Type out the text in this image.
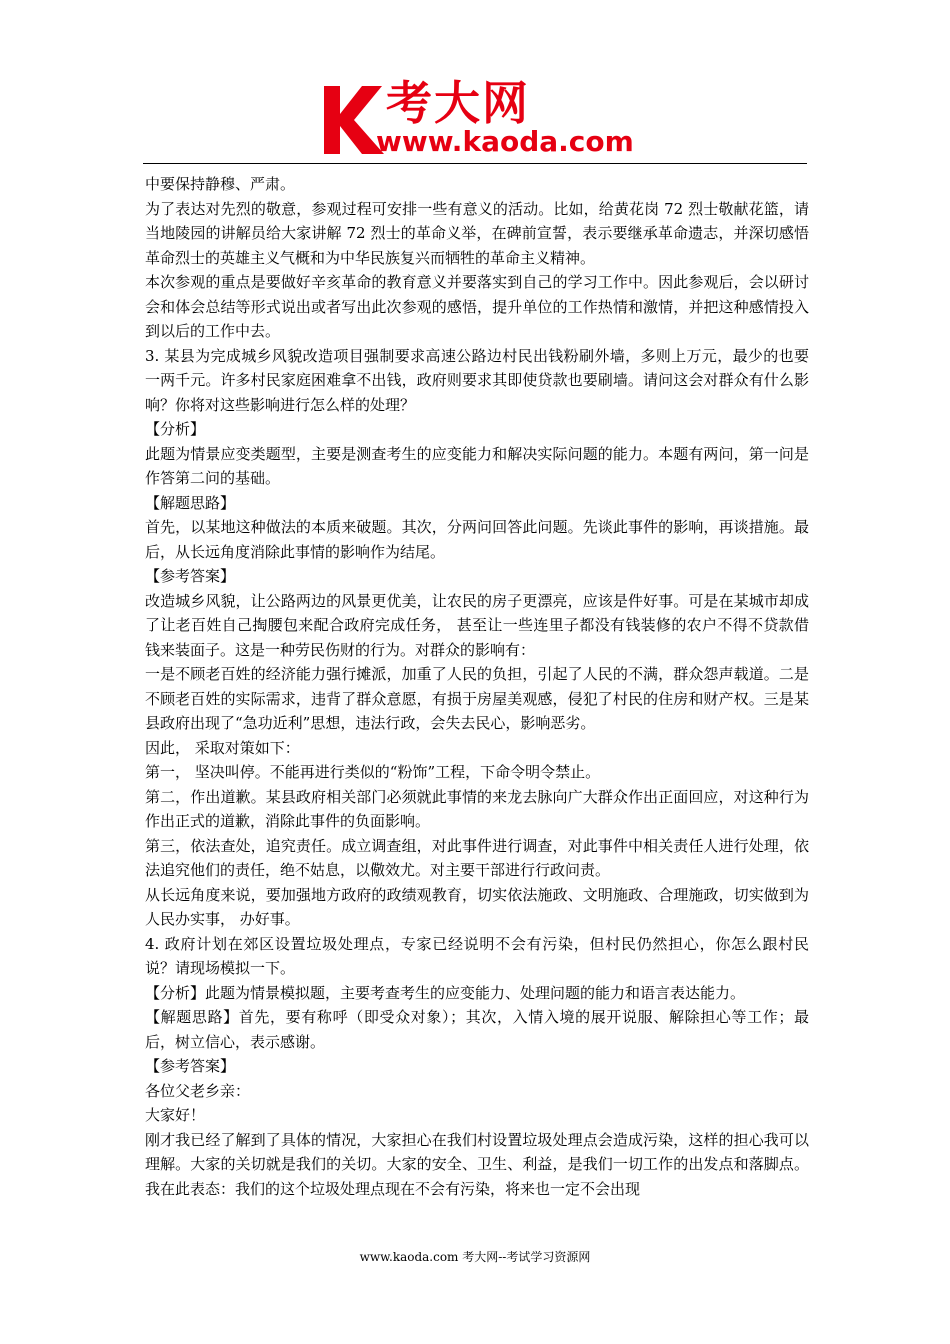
考大网
www.kaoda.com

中要保持静穆、严肃。

为了表达对先烈的敬意，参观过程可安排一些有意义的活动。比如，给黄花岗 72 烈士敬献花篮，请当地陵园的讲解员给大家讲解 72 烈士的革命义举，在碑前宣誓，表示要继承革命遗志，并深切感悟革命烈士的英雄主义气概和为中华民族复兴而牺牲的革命主义精神。

本次参观的重点是要做好辛亥革命的教育意义并要落实到自己的学习工作中。因此参观后，会以研讨会和体会总结等形式说出或者写出此次参观的感悟，提升单位的工作热情和激情，并把这种感情投入到以后的工作中去。

3. 某县为完成城乡风貌改造项目强制要求高速公路边村民出钱粉刷外墙，多则上万元，最少的也要一两千元。许多村民家庭困难拿不出钱，政府则要求其即使贷款也要刷墙。请问这会对群众有什么影响？你将对这些影响进行怎么样的处理？

【分析】

此题为情景应变类题型，主要是测查考生的应变能力和解决实际问题的能力。本题有两问，第一问是作答第二问的基础。

【解题思路】

首先，以某地这种做法的本质来破题。其次，分两问回答此问题。先谈此事件的影响，再谈措施。最后，从长远角度消除此事情的影响作为结尾。

【参考答案】

改造城乡风貌，让公路两边的风景更优美，让农民的房子更漂亮，应该是件好事。可是在某城市却成了让老百姓自己掏腰包来配合政府完成任务， 甚至让一些连里子都没有钱装修的农户不得不贷款借钱来装面子。这是一种劳民伤财的行为。对群众的影响有：

一是不顾老百姓的经济能力强行摊派，加重了人民的负担，引起了人民的不满，群众怨声载道。二是不顾老百姓的实际需求，违背了群众意愿，有损于房屋美观感，侵犯了村民的住房和财产权。三是某县政府出现了“急功近利”思想，违法行政，会失去民心，影响恶劣。

因此， 采取对策如下：

第一， 坚决叫停。不能再进行类似的“粉饰”工程，下命令明令禁止。

第二，作出道歉。某县政府相关部门必须就此事情的来龙去脉向广大群众作出正面回应，对这种行为作出正式的道歉，消除此事件的负面影响。

第三，依法查处，追究责任。成立调查组，对此事件进行调查，对此事件中相关责任人进行处理，依法追究他们的责任，绝不姑息，以儆效尤。对主要干部进行行政问责。

从长远角度来说，要加强地方政府的政绩观教育，切实依法施政、文明施政、合理施政，切实做到为人民办实事， 办好事。

4. 政府计划在郊区设置垃圾处理点，专家已经说明不会有污染，但村民仍然担心，你怎么跟村民说？请现场模拟一下。

【分析】此题为情景模拟题，主要考查考生的应变能力、处理问题的能力和语言表达能力。

【解题思路】首先，要有称呼（即受众对象）；其次，入情入境的展开说服、解除担心等工作；最后，树立信心，表示感谢。

【参考答案】

各位父老乡亲：

大家好！

刚才我已经了解到了具体的情况，大家担心在我们村设置垃圾处理点会造成污染，这样的担心我可以理解。大家的关切就是我们的关切。大家的安全、卫生、利益，是我们一切工作的出发点和落脚点。我在此表态：我们的这个垃圾处理点现在不会有污染，将来也一定不会出现

www.kaoda.com 考大网--考试学习资源网
